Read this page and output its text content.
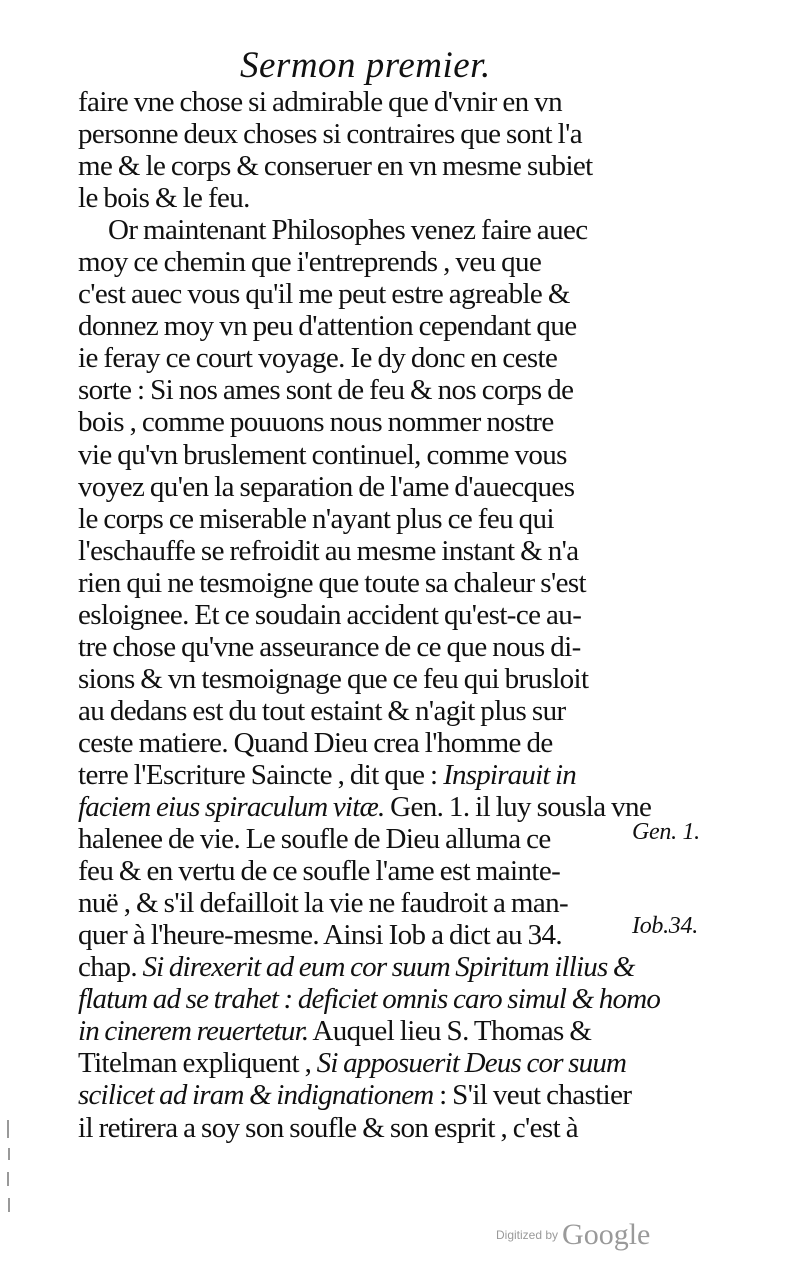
Sermon premier.
faire vne chose si admirable que d'vnir en vn
personne deux choses si contraires que sont l'a
me & le corps & conseruer en vn mesme subiet
le bois & le feu.
Or maintenant Philosophes venez faire auec
moy ce chemin que i'entreprends , veu que
c'est auec vous qu'il me peut estre agreable &
donnez moy vn peu d'attention cependant que
ie feray ce court voyage. Ie dy donc en ceste
sorte : Si nos ames sont de feu & nos corps de
bois , comme pouuons nous nommer nostre
vie qu'vn bruslement continuel, comme vous
voyez qu'en la separation de l'ame d'auecques
le corps ce miserable n'ayant plus ce feu qui
l'eschauffe se refroidit au mesme instant & n'a
rien qui ne tesmoigne que toute sa chaleur s'est
esloignee. Et ce soudain accident qu'est-ce au-
tre chose qu'vne asseurance de ce que nous di-
sions & vn tesmoignage que ce feu qui brusloit
au dedans est du tout estaint & n'agit plus sur
ceste matiere. Quand Dieu crea l'homme de
terre l'Escriture Saincte , dit que : Inspirauit in
faciem eius spiraculum vitæ. Gen. 1. il luy sousla vne
halenee de vie. Le soufle de Dieu alluma ce
feu & en vertu de ce soufle l'ame est mainte-
nuë , & s'il defailloit la vie ne faudroit a man-
quer à l'heure-mesme. Ainsi Iob a dict au 34.
chap. Si direxerit ad eum cor suum Spiritum illius &
flatum ad se trahet : deficiet omnis caro simul & homo
in cinerem reuertetur. Auquel lieu S. Thomas &
Titelman expliquent , Si apposuerit Deus cor suum
scilicet ad iram & indignationem : S'il veut chastier
il retirera a soy son soufle & son esprit , c'est à
Gen. 1.
Iob.34.
Digitized by Google
